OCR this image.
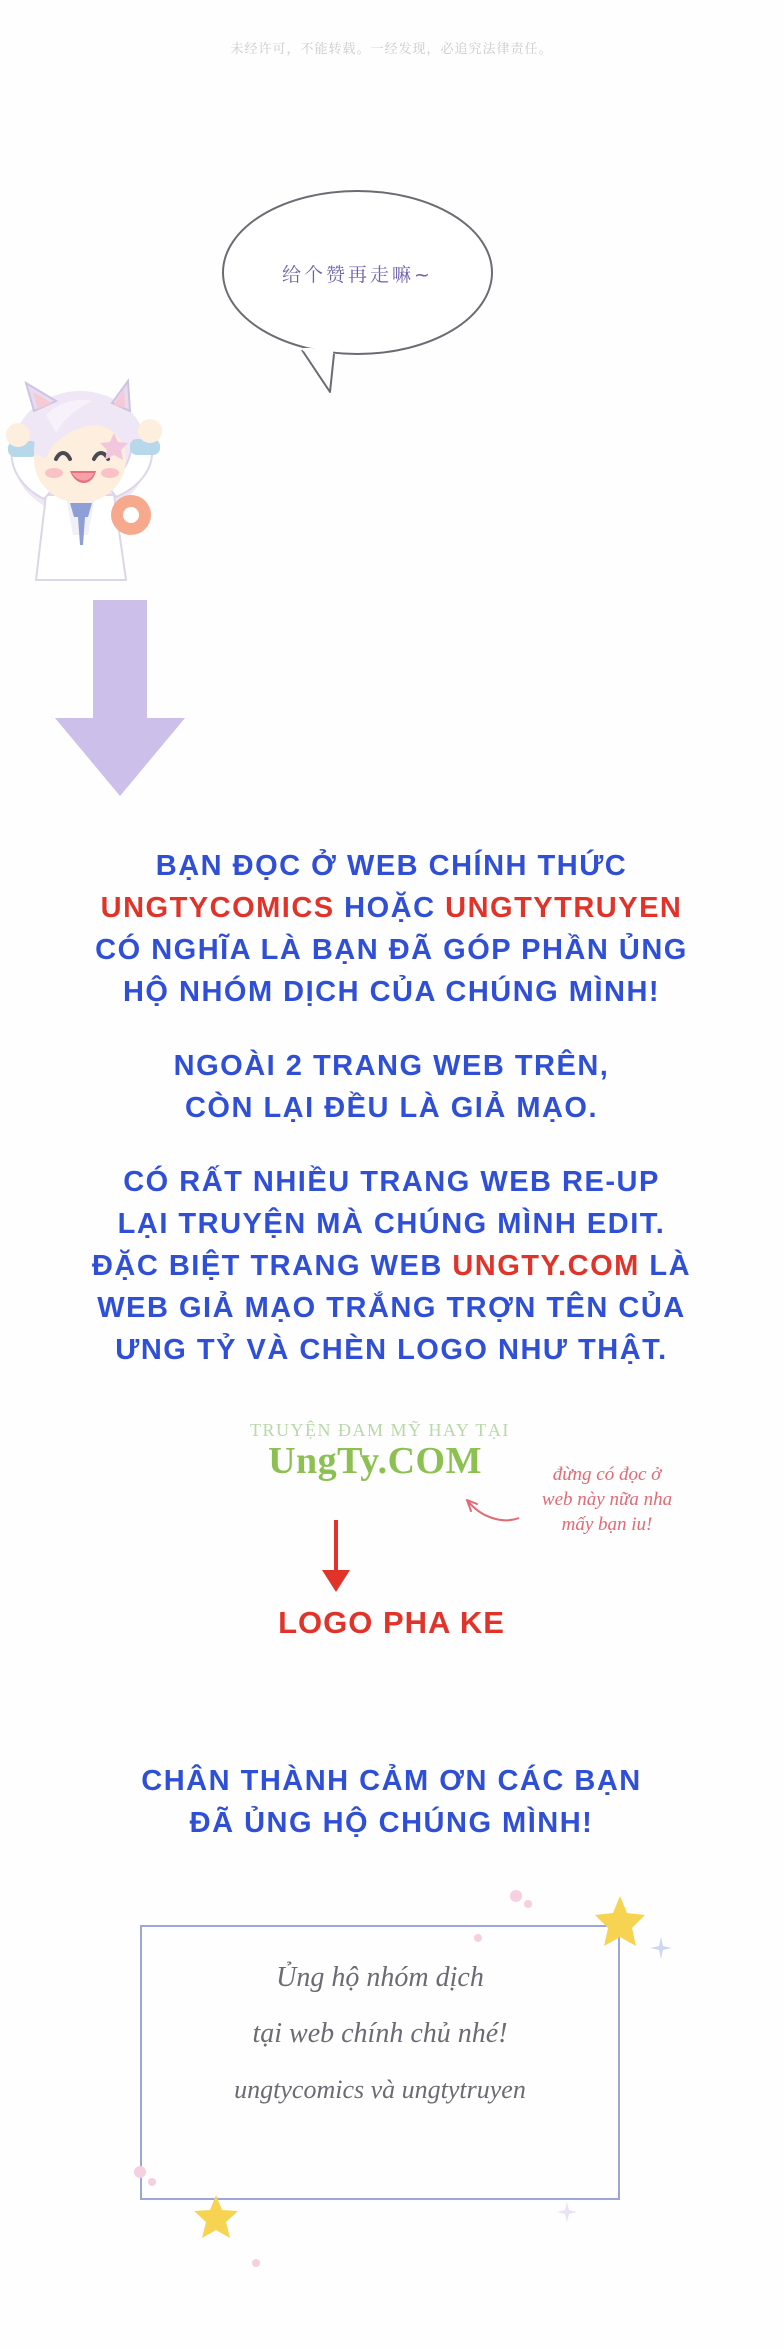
未经许可，不能转载。一经发现，必追究法律责任。
给个赞再走嘛~

BẠN ĐỌC Ở WEB CHÍNH THỨC

UNGTYCOMICS HOẶC UNGTYTRUYEN

CÓ NGHĨA LÀ BẠN ĐÃ GÓP PHẦN ỦNG

HỘ NHÓM DỊCH CỦA CHÚNG MÌNH!

NGOÀI 2 TRANG WEB TRÊN,

CÒN LẠI ĐỀU LÀ GIẢ MẠO.

CÓ RẤT NHIỀU TRANG WEB RE-UP

LẠI TRUYỆN MÀ CHÚNG MÌNH EDIT.

ĐẶC BIỆT TRANG WEB UNGTY.COM LÀ

WEB GIẢ MẠO TRẮNG TRỢN TÊN CỦA

ƯNG TỶ VÀ CHÈN LOGO NHƯ THẬT.

TRUYỆN ĐAM MỸ HAY TẠI
UngTy.COM	đừng có đọc ở
web này nữa nha
mấy bạn iu!
LOGO PHA KE

CHÂN THÀNH CẢM ƠN CÁC BẠN

ĐÃ ỦNG HỘ CHÚNG MÌNH!

Ủng hộ nhóm dịch

tại web chính chủ nhé!

ungtycomics và ungtytruyen
